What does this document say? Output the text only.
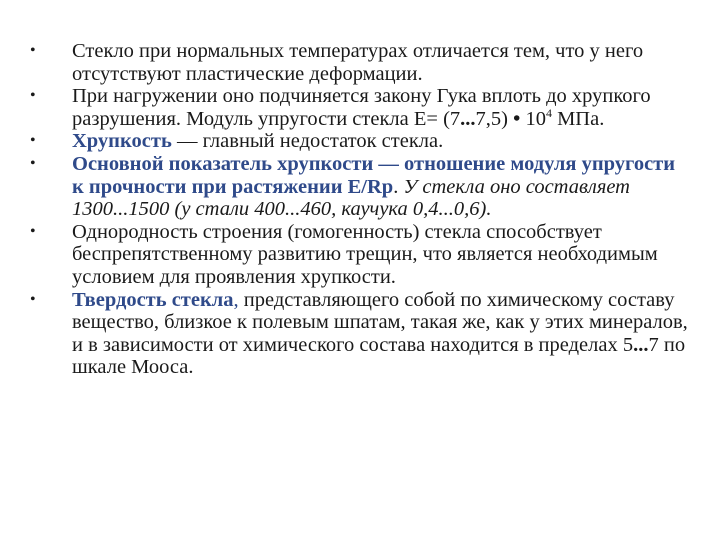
• Стекло при нормальных температурах отличается тем, что у него отсутствуют пластические деформации.
• При нагружении оно подчиняется закону Гука вплоть до хрупкого разрушения. Модуль упругости стекла Е= (7...7,5) • $10^4$ МПа.
• Хрупкость — главный недостаток стекла.
• Основной показатель хрупкости — отношение модуля упругости к прочности при растяжении E/Rp. У стекла оно составляет 1300...1500 (у стали 400...460, каучука 0,4...0,6).
• Однородность строения (гомогенность) стекла способствует беспрепятственному развитию трещин, что является необходимым условием для проявления хрупкости.
• Твердость стекла, представляющего собой по химическому составу вещество, близкое к полевым шпатам, такая же, как у этих минералов, и в зависимости от химического состава находится в пределах 5...7 по шкале Мооса.
